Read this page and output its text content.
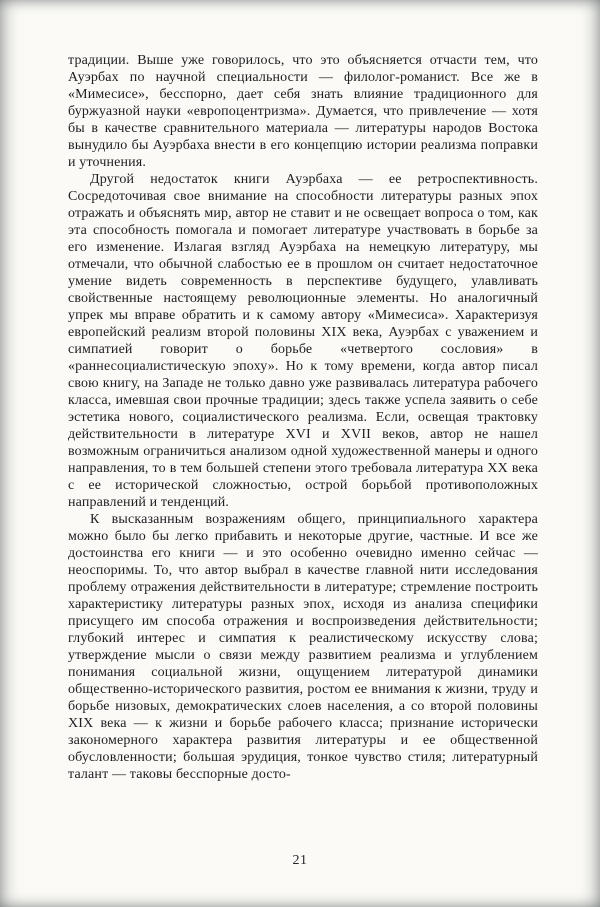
традиции. Выше уже говорилось, что это объясняется отчасти тем, что Ауэрбах по научной специальности — филолог-романист. Все же в «Мимесисе», бесспорно, дает себя знать влияние традиционного для буржуазной науки «европоцентризма». Думается, что привлечение — хотя бы в качестве сравнительного материала — литературы народов Востока вынудило бы Ауэрбаха внести в его концепцию истории реализма поправки и уточнения.

Другой недостаток книги Ауэрбаха — ее ретроспективность. Сосредоточивая свое внимание на способности литературы разных эпох отражать и объяснять мир, автор не ставит и не освещает вопроса о том, как эта способность помогала и помогает литературе участвовать в борьбе за его изменение. Излагая взгляд Ауэрбаха на немецкую литературу, мы отмечали, что обычной слабостью ее в прошлом он считает недостаточное умение видеть современность в перспективе будущего, улавливать свойственные настоящему революционные элементы. Но аналогичный упрек мы вправе обратить и к самому автору «Мимесиса». Характеризуя европейский реализм второй половины XIX века, Ауэрбах с уважением и симпатией говорит о борьбе «четвертого сословия» в «раннесоциалистическую эпоху». Но к тому времени, когда автор писал свою книгу, на Западе не только давно уже развивалась литература рабочего класса, имевшая свои прочные традиции; здесь также успела заявить о себе эстетика нового, социалистического реализма. Если, освещая трактовку действительности в литературе XVI и XVII веков, автор не нашел возможным ограничиться анализом одной художественной манеры и одного направления, то в тем большей степени этого требовала литература XX века с ее исторической сложностью, острой борьбой противоположных направлений и тенденций.

К высказанным возражениям общего, принципиального характера можно было бы легко прибавить и некоторые другие, частные. И все же достоинства его книги — и это особенно очевидно именно сейчас — неоспоримы. То, что автор выбрал в качестве главной нити исследования проблему отражения действительности в литературе; стремление построить характеристику литературы разных эпох, исходя из анализа специфики присущего им способа отражения и воспроизведения действительности; глубокий интерес и симпатия к реалистическому искусству слова; утверждение мысли о связи между развитием реализма и углублением понимания социальной жизни, ощущением литературой динамики общественно-исторического развития, ростом ее внимания к жизни, труду и борьбе низовых, демократических слоев населения, а со второй половины XIX века — к жизни и борьбе рабочего класса; признание исторически закономерного характера развития литературы и ее общественной обусловленности; большая эрудиция, тонкое чувство стиля; литературный талант — таковы бесспорные досто-

21
